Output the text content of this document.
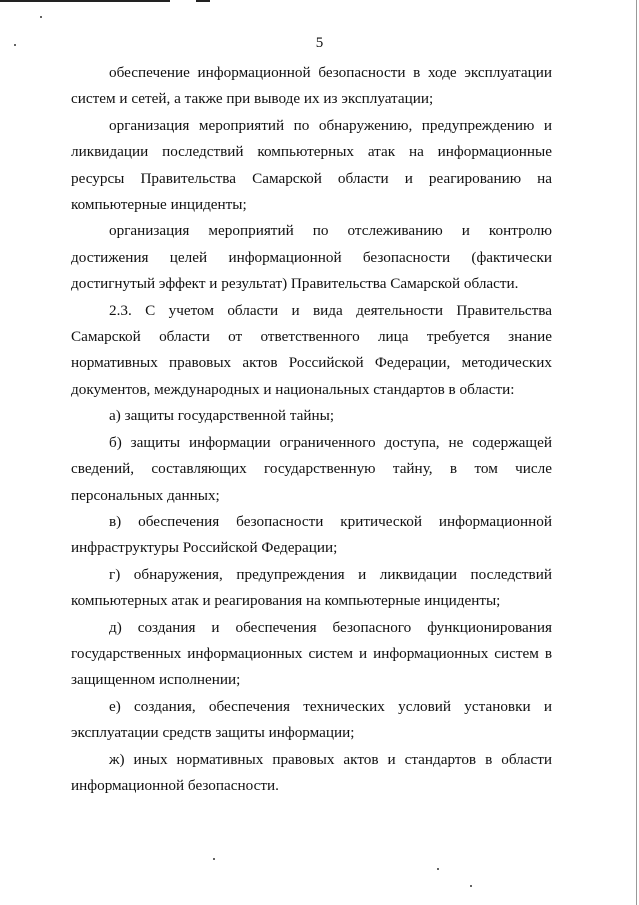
5

обеспечение информационной безопасности в ходе эксплуатации систем и сетей, а также при выводе их из эксплуатации;

организация мероприятий по обнаружению, предупреждению и ликвидации последствий компьютерных атак на информационные ресурсы Правительства Самарской области и реагированию на компьютерные инциденты;

организация мероприятий по отслеживанию и контролю достижения целей информационной безопасности (фактически достигнутый эффект и результат) Правительства Самарской области.

2.3. С учетом области и вида деятельности Правительства Самарской области от ответственного лица требуется знание нормативных правовых актов Российской Федерации, методических документов, международных и национальных стандартов в области:

а) защиты государственной тайны;

б) защиты информации ограниченного доступа, не содержащей сведений, составляющих государственную тайну, в том числе персональных данных;

в) обеспечения безопасности критической информационной инфраструктуры Российской Федерации;

г) обнаружения, предупреждения и ликвидации последствий компьютерных атак и реагирования на компьютерные инциденты;

д) создания и обеспечения безопасного функционирования государственных информационных систем и информационных систем в защищенном исполнении;

е) создания, обеспечения технических условий установки и эксплуатации средств защиты информации;

ж) иных нормативных правовых актов и стандартов в области информационной безопасности.
